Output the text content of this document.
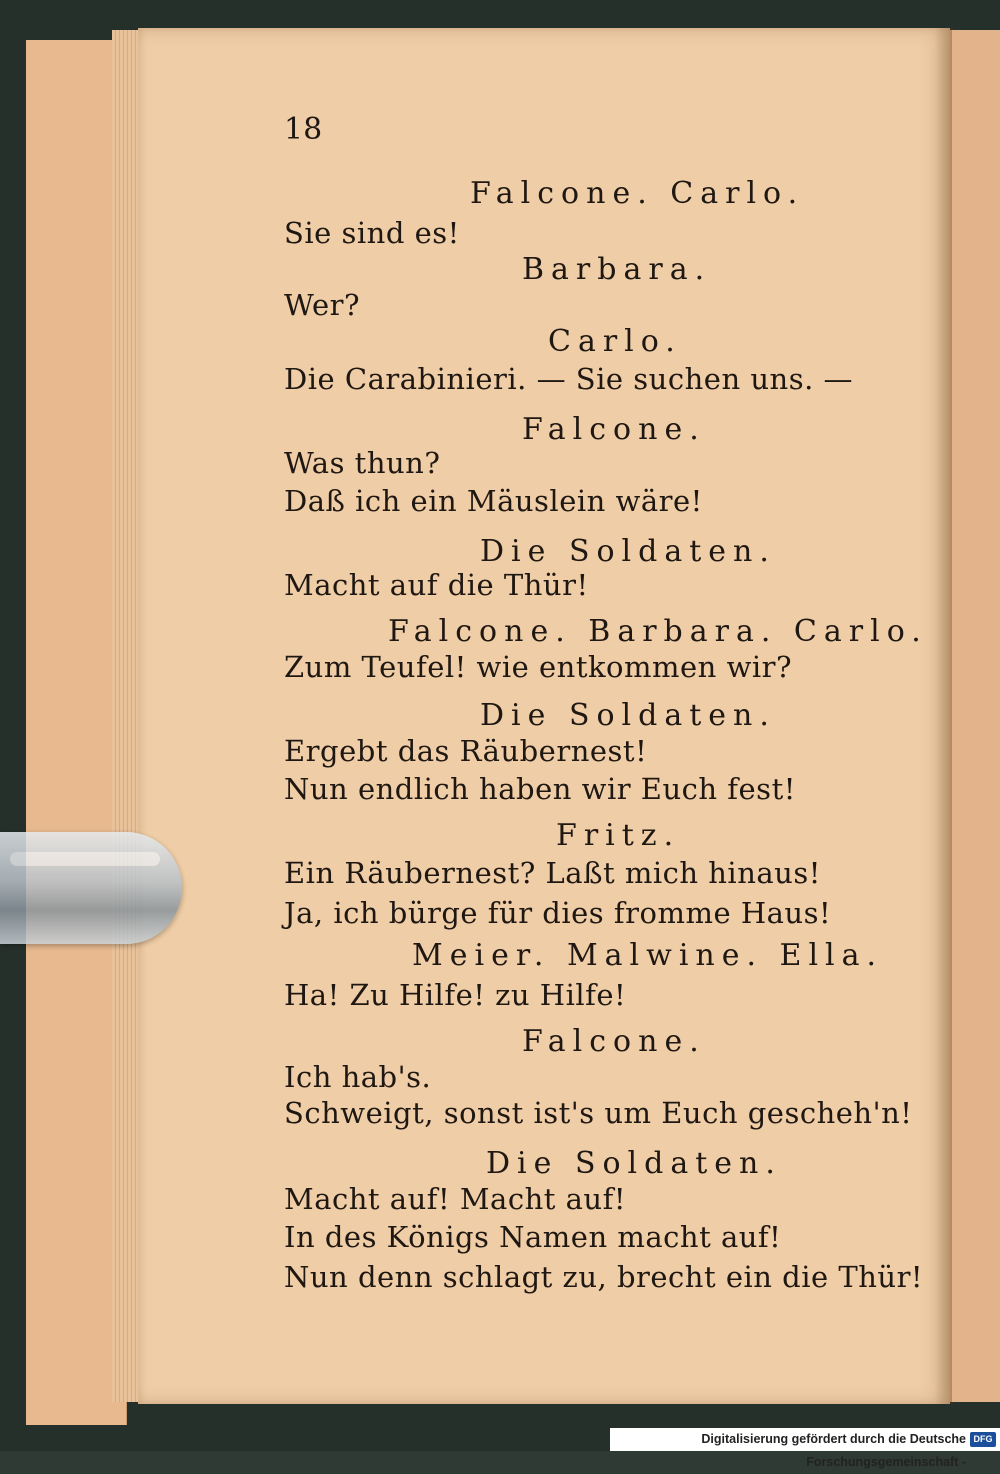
18
Falcone. Carlo.
Sie sind es!
Barbara.
Wer?
Carlo.
Die Carabinieri. — Sie suchen uns. —
Falcone.
Was thun?
Daß ich ein Mäuslein wäre!
Die Soldaten.
Macht auf die Thür!
Falcone. Barbara. Carlo.
Zum Teufel! wie entkommen wir?
Die Soldaten.
Ergebt das Räubernest!
Nun endlich haben wir Euch fest!
Fritz.
Ein Räubernest? Laßt mich hinaus!
Ja, ich bürge für dies fromme Haus!
Meier. Malwine. Ella.
Ha! Zu Hilfe! zu Hilfe!
Falcone.
Ich hab's.
Schweigt, sonst ist's um Euch gescheh'n!
Die Soldaten.
Macht auf! Macht auf!
In des Königs Namen macht auf!
Nun denn schlagt zu, brecht ein die Thür!
Digitalisierung gefördert durch die Deutsche Forschungsgemeinschaft -
DFG
